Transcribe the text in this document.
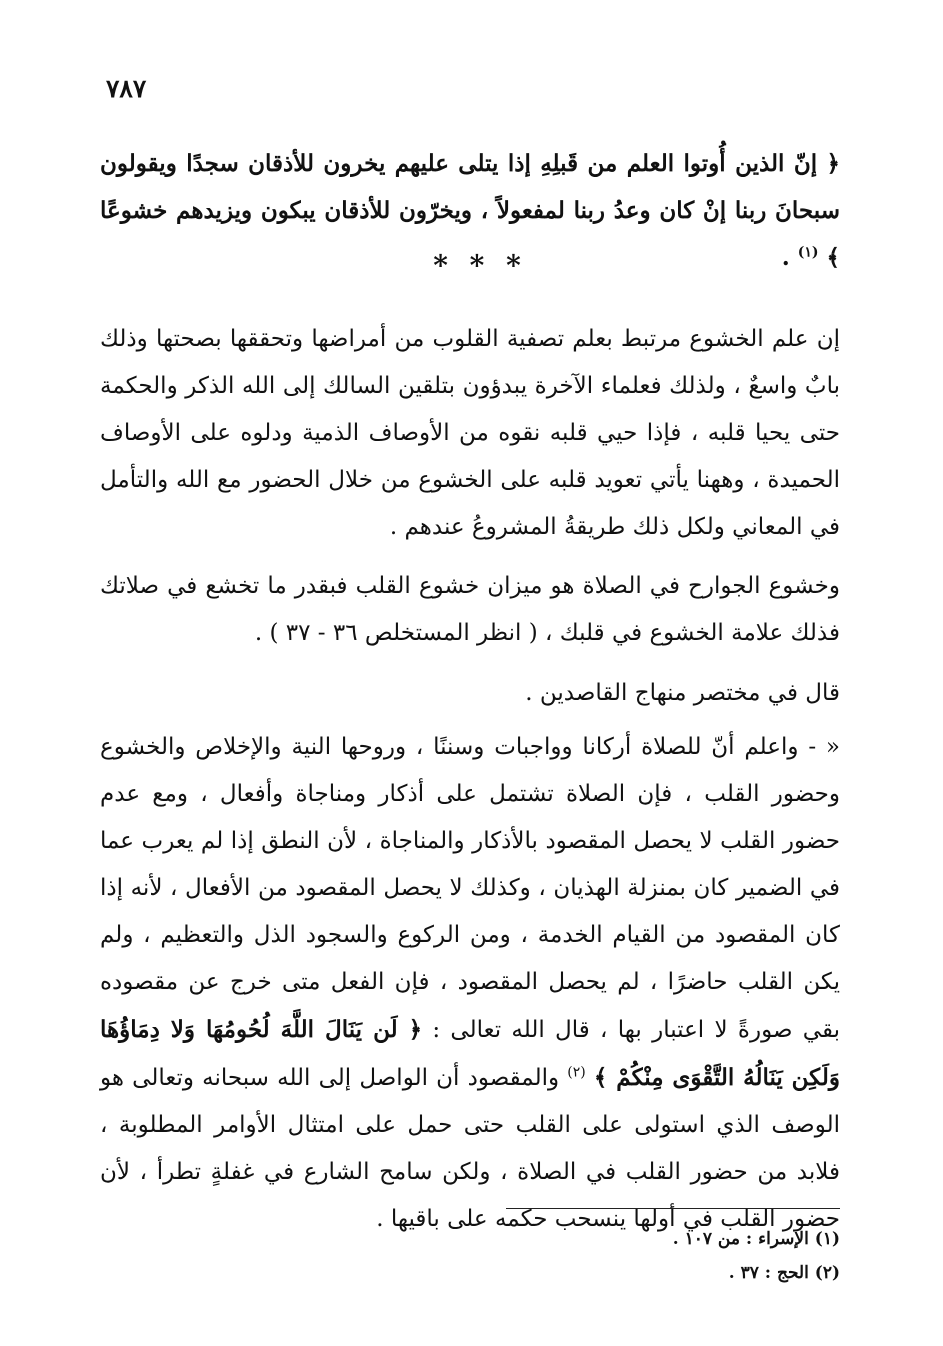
٧٨٧
﴿ إنّ الذين أُوتوا العلم من قَبلِهِ إذا يتلى عليهم يخرون للأذقان سجدًا ويقولون سبحانَ ربنا إنْ كان وعدُ ربنا لمفعولاً ، ويخرّون للأذقان يبكون ويزيدهم خشوعًا ﴾ $^{(١)}$ .
* * *
إن علم الخشوع مرتبط بعلم تصفية القلوب من أمراضها وتحققها بصحتها وذلك بابٌ واسعٌ ، ولذلك فعلماء الآخرة يبدؤون بتلقين السالك إلى الله الذكر والحكمة حتى يحيا قلبه ، فإذا حيي قلبه نقوه من الأوصاف الذمية ودلوه على الأوصاف الحميدة ، وههنا يأتي تعويد قلبه على الخشوع من خلال الحضور مع الله والتأمل في المعاني ولكل ذلك طريقةُ المشروعُ عندهم .
وخشوع الجوارح في الصلاة هو ميزان خشوع القلب فبقدر ما تخشع في صلاتك فذلك علامة الخشوع في قلبك ، ( انظر المستخلص ٣٦ - ٣٧ ) .
قال في مختصر منهاج القاصدين .
« - واعلم أنّ للصلاة أركانا وواجبات وسننًا ، وروحها النية والإخلاص والخشوع وحضور القلب ، فإن الصلاة تشتمل على أذكار ومناجاة وأفعال ، ومع عدم حضور القلب لا يحصل المقصود بالأذكار والمناجاة ، لأن النطق إذا لم يعرب عما في الضمير كان بمنزلة الهذيان ، وكذلك لا يحصل المقصود من الأفعال ، لأنه إذا كان المقصود من القيام الخدمة ، ومن الركوع والسجود الذل والتعظيم ، ولم يكن القلب حاضرًا ، لم يحصل المقصود ، فإن الفعل متى خرج عن مقصوده بقي صورةً لا اعتبار بها ، قال الله تعالى : ﴿ لَن يَنَالَ اللَّهَ لُحُومُهَا وَلا دِمَاؤُهَا وَلَكِن يَنَالُهُ التَّقْوَى مِنْكُمْ ﴾ $^{(٢)}$ والمقصود أن الواصل إلى الله سبحانه وتعالى هو الوصف الذي استولى على القلب حتى حمل على امتثال الأوامر المطلوبة ، فلابد من حضور القلب في الصلاة ، ولكن سامح الشارع في غفلةٍ تطرأ ، لأن حضور القلب في أولها ينسحب حكمه على باقيها .
(١) الإسراء : من ١٠٧ .
(٢) الحج : ٣٧ .
